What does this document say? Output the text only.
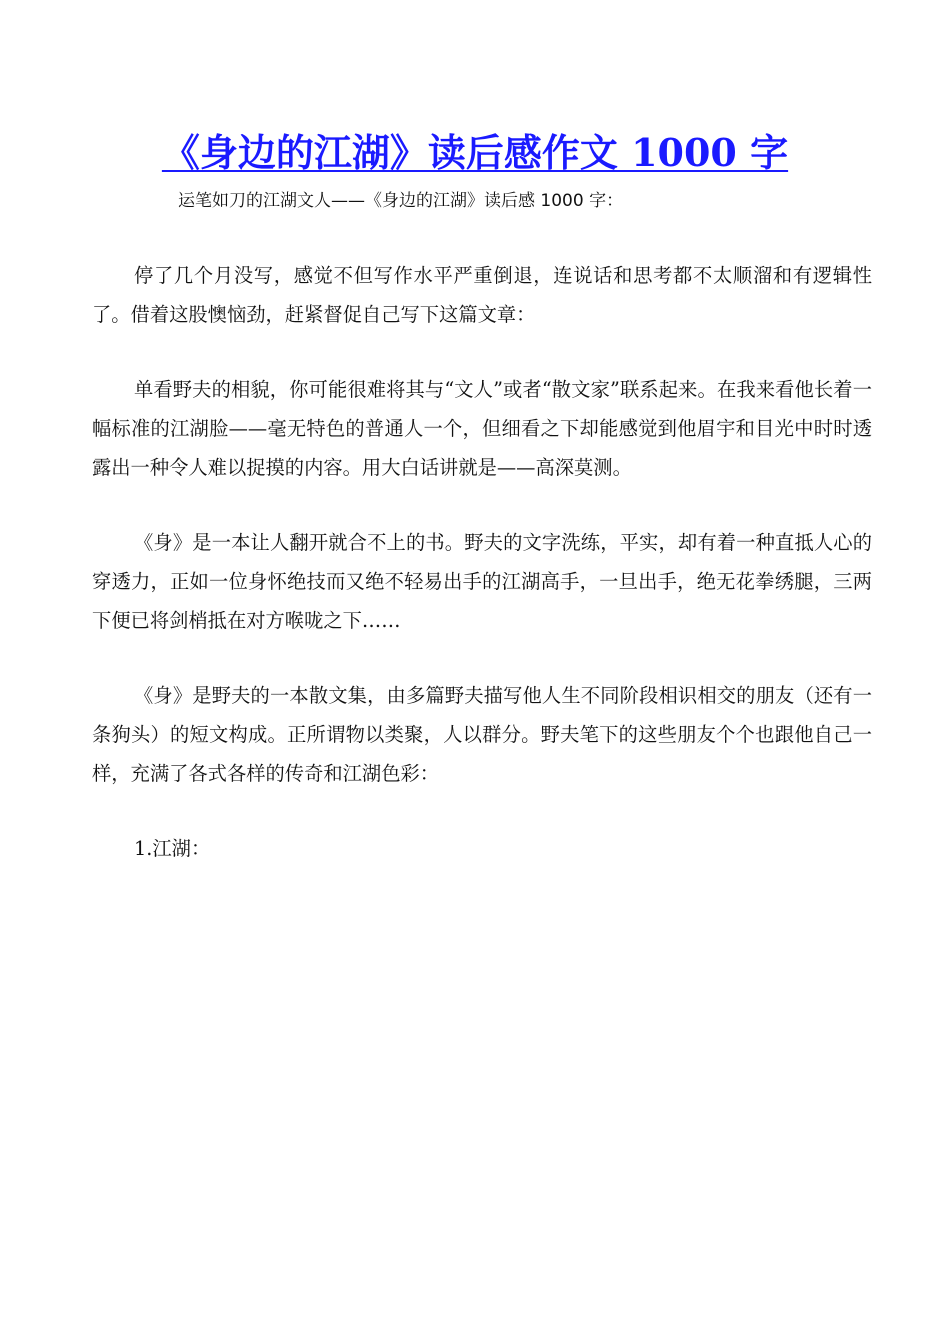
《身边的江湖》读后感作文 1000 字
运笔如刀的江湖文人——《身边的江湖》读后感 1000 字：

停了几个月没写，感觉不但写作水平严重倒退，连说话和思考都不太顺溜和有逻辑性了。借着这股懊恼劲，赶紧督促自己写下这篇文章：

单看野夫的相貌，你可能很难将其与“文人”或者“散文家”联系起来。在我来看他长着一幅标准的江湖脸——毫无特色的普通人一个，但细看之下却能感觉到他眉宇和目光中时时透露出一种令人难以捉摸的内容。用大白话讲就是——高深莫测。

《身》是一本让人翻开就合不上的书。野夫的文字洗练，平实，却有着一种直抵人心的穿透力，正如一位身怀绝技而又绝不轻易出手的江湖高手，一旦出手，绝无花拳绣腿，三两下便已将剑梢抵在对方喉咙之下……

《身》是野夫的一本散文集，由多篇野夫描写他人生不同阶段相识相交的朋友（还有一条狗头）的短文构成。正所谓物以类聚，人以群分。野夫笔下的这些朋友个个也跟他自己一样，充满了各式各样的传奇和江湖色彩：

1.江湖：
